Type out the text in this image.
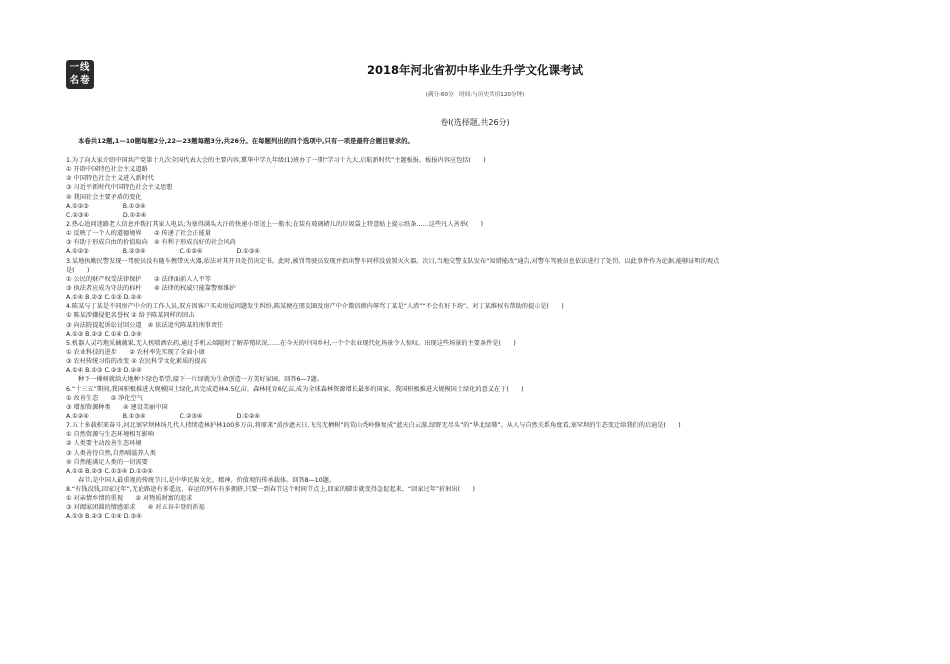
一线
名卷
2018年河北省初中毕业生升学文化课考试
(满分:60分　时间:与历史共用120分钟)
卷Ⅰ(选择题,共26分)
本卷共12题,1—10题每题2分,22—23题每题3分,共26分。在每题列出的四个选项中,只有一项是最符合题目要求的。
1.为了向大家介绍中国共产党第十九次全国代表大会的主要内容,冀华中学九年级(1)班办了一期“学习十九大,启航新时代”主题板报。板报内容应包括(　　)
① 开辟中国特色社会主义道路
② 中国特色社会主义进入新时代
③ 习近平新时代中国特色社会主义思想
④ 我国社会主要矛盾的变化
A.①②③	B.①③④
C.②③④	D.①②④
2.热心追问迷路老人信息并拨打其家人电话;为塞得满头大汗的快递小哥送上一瓶水;在装有玻璃碴儿的垃圾袋上特意贴上提示纸条……这些凡人善举(　　)
① 反映了一个人的道德境界　　② 传递了社会正能量
③ 有助于形成自由的价值取向　④ 有利于形成良好的社会风尚
A.①②③	B.②③④	C.①②④	D.①③④
3.某地执勤民警发现一驾驶员没有随车携带灭火器,依法对其开具处罚决定书。此时,被罚驾驶员发现并指出警车同样没放置灭火器。次日,当地交警支队发布“知错能改”通告,对警车驾驶员也依法进行了处罚。以此事件作为论据,能够证明的观点
是(　　)
① 公民的财产权受法律保护　　② 法律面前人人平等
③ 执法者应成为守法的标杆　　④ 法律的权威只能靠警察维护
A.①④ B.②③ C.①③ D.②④
4.陈某与丁某是不同房产中介的工作人员,双方因客户买卖房屋问题发生纠纷,陈某便在朋友圈及房产中介微信群内辱骂丁某是“人渣”“不会有好下场”。对丁某维权有帮助的提示是(　　)
① 陈某涉嫌侵犯名誉权 ② 给予陈某同样的回击
③ 向法院提起诉讼讨回公道　④ 依法追究陈某的刑事责任
A.①③ B.②③ C.①④ D.③④
5.机器人灵巧地采摘蔬果,无人机喷洒农药,通过手机云端随时了解养殖状况……在今天的中国乡村,一个个农业现代化场景令人惊叹。出现这些场景的主要条件是(　　)
① 农业科技的进步　　② 农村率先实现了全面小康
③ 农村传统习俗的改变 ④ 农民科学文化素质的提高
A.①④ B.①③ C.②③ D.②④
种下一棵树就给大地种下绿色希望,接下一片绿就为生命创造一方美好家园。回答6—7题。
6.“十三五”期间,我国积极推进大规模国土绿化,共完成造林4.5亿亩。森林抚育6亿亩,成为全球森林资源增长最多的国家。我国积极推进大规模国土绿化的意义在于(　　)
① 改善生态　　② 净化空气
③ 增加资源种类　　④ 建设美丽中国
A.①②④	B.①③④	C.②③④	D.①②④
7.五十多载积来奋斗,河北塞罕坝林场几代人持续造林护林100多万亩,将原来“黄沙遮天日,飞鸟无栖树”的荒山秃岭修复成“蓝天白云游,绿野无尽头”的“华北绿肺”。从人与自然关系角度看,塞罕坝的生态变迁给我们的启迪是(　　)
① 自然资源与生态环境相互影响
② 人类要主动改善生态环境
③ 人类善待自然,自然哺滋养人类
④ 自然能满足人类的一切需要
A.①② B.②③ C.①③④ D.①②④
春节,是中国人最重视的传统节日,是中华民族文化、精神、价值观的传承载体。回答8—10题。
8.“有钱没钱,回家过年”,无论路途有多遥远、春运的列车有多拥挤,只要一到春节这个时间节点上,回家的脚步就变得急促起来。“回家过年”折射出(　　)
① 对亲情乡情的重视　　② 对物质财富的追求
③ 对阖家团圆的情感需求　　④ 对五谷丰登的祈福
A.①③ B.②③ C.①④ D.③④
